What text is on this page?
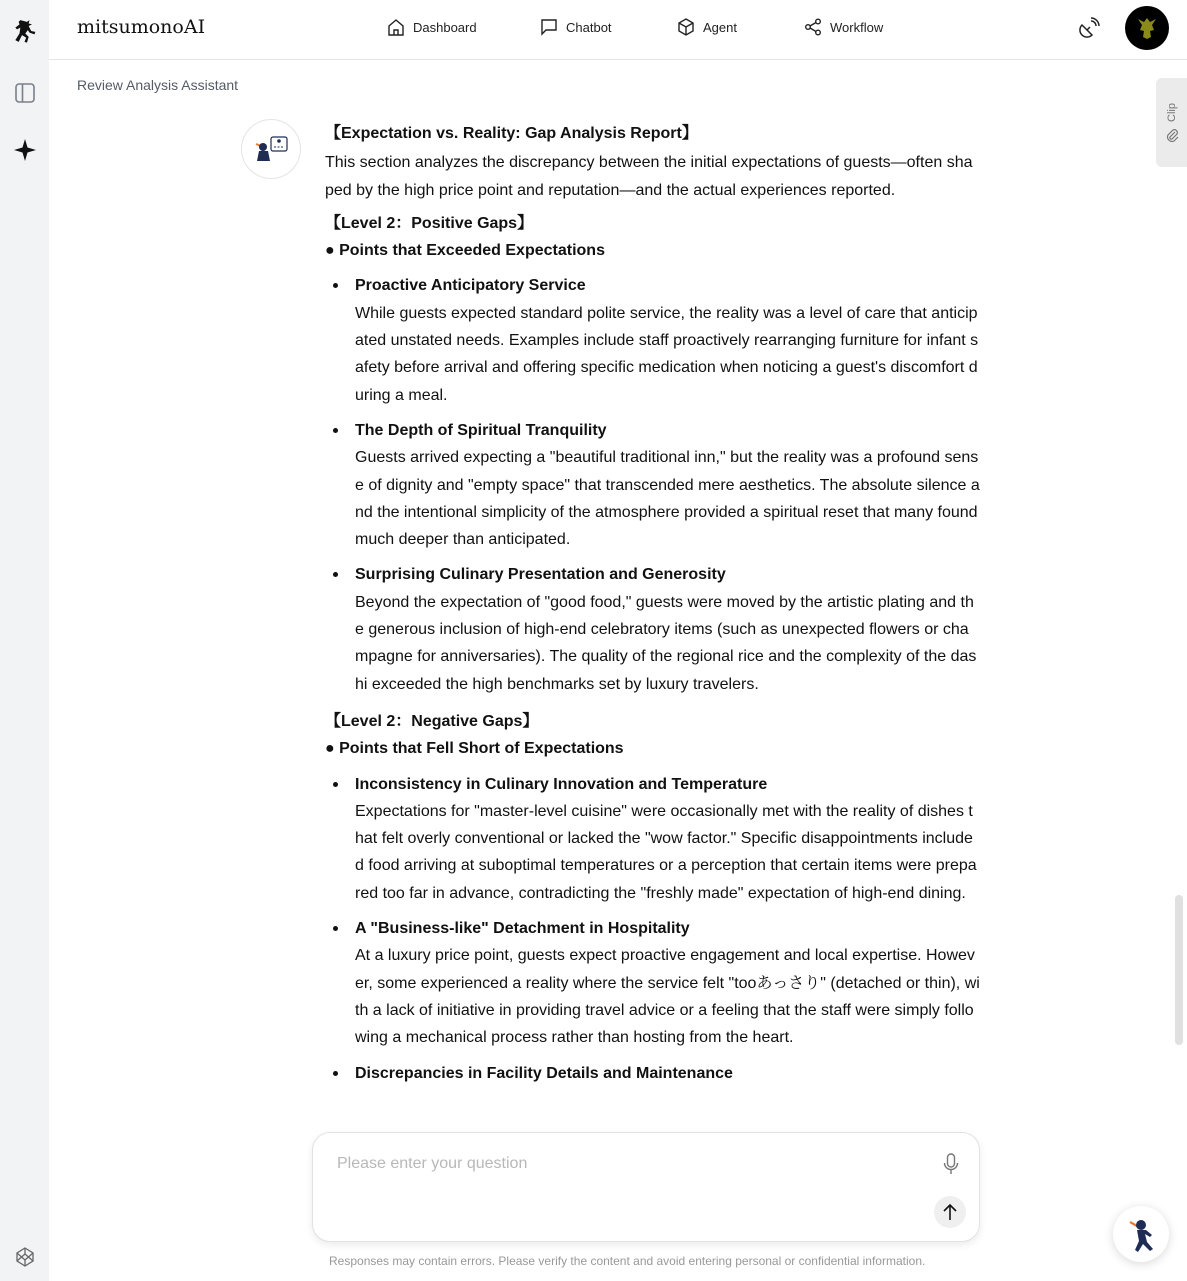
mitsumonoAI	Dashboard	Chatbot	Agent	Workflow
Review Analysis Assistant
Clip
【Expectation vs. Reality: Gap Analysis Report】
This section analyzes the discrepancy between the initial expectations of guests—often shaped by the high price point and reputation—and the actual experiences reported.
【Level 2：Positive Gaps】
● Points that Exceeded Expectations
Proactive Anticipatory Service
While guests expected standard polite service, the reality was a level of care that anticipated unstated needs. Examples include staff proactively rearranging furniture for infant safety before arrival and offering specific medication when noticing a guest's discomfort during a meal.
The Depth of Spiritual Tranquility
Guests arrived expecting a "beautiful traditional inn," but the reality was a profound sense of dignity and "empty space" that transcended mere aesthetics. The absolute silence and the intentional simplicity of the atmosphere provided a spiritual reset that many found much deeper than anticipated.
Surprising Culinary Presentation and Generosity
Beyond the expectation of "good food," guests were moved by the artistic plating and the generous inclusion of high-end celebratory items (such as unexpected flowers or champagne for anniversaries). The quality of the regional rice and the complexity of the dashi exceeded the high benchmarks set by luxury travelers.
【Level 2：Negative Gaps】
● Points that Fell Short of Expectations
Inconsistency in Culinary Innovation and Temperature
Expectations for "master-level cuisine" were occasionally met with the reality of dishes that felt overly conventional or lacked the "wow factor." Specific disappointments included food arriving at suboptimal temperatures or a perception that certain items were prepared too far in advance, contradicting the "freshly made" expectation of high-end dining.
A "Business-like" Detachment in Hospitality
At a luxury price point, guests expect proactive engagement and local expertise. However, some experienced a reality where the service felt "tooあっさり" (detached or thin), with a lack of initiative in providing travel advice or a feeling that the staff were simply following a mechanical process rather than hosting from the heart.
Discrepancies in Facility Details and Maintenance
Please enter your question
Responses may contain errors. Please verify the content and avoid entering personal or confidential information.
